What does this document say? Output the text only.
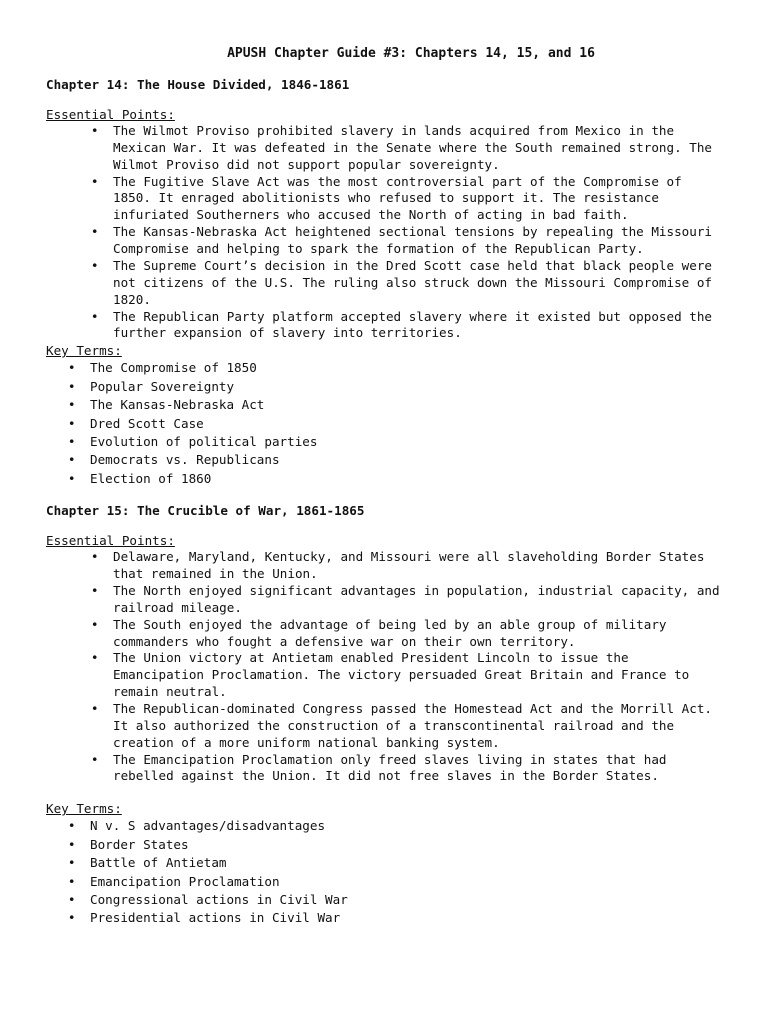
APUSH Chapter Guide #3: Chapters 14, 15, and 16
Chapter 14: The House Divided, 1846-1861
Essential Points:
• The Wilmot Proviso prohibited slavery in lands acquired from Mexico in the Mexican War. It was defeated in the Senate where the South remained strong. The Wilmot Proviso did not support popular sovereignty.
• The Fugitive Slave Act was the most controversial part of the Compromise of 1850. It enraged abolitionists who refused to support it. The resistance infuriated Southerners who accused the North of acting in bad faith.
• The Kansas-Nebraska Act heightened sectional tensions by repealing the Missouri Compromise and helping to spark the formation of the Republican Party.
• The Supreme Court’s decision in the Dred Scott case held that black people were not citizens of the U.S. The ruling also struck down the Missouri Compromise of 1820.
• The Republican Party platform accepted slavery where it existed but opposed the further expansion of slavery into territories.
Key Terms:
• The Compromise of 1850
• Popular Sovereignty
• The Kansas-Nebraska Act
• Dred Scott Case
• Evolution of political parties
• Democrats vs. Republicans
• Election of 1860
Chapter 15: The Crucible of War, 1861-1865
Essential Points:
• Delaware, Maryland, Kentucky, and Missouri were all slaveholding Border States that remained in the Union.
• The North enjoyed significant advantages in population, industrial capacity, and railroad mileage.
• The South enjoyed the advantage of being led by an able group of military commanders who fought a defensive war on their own territory.
• The Union victory at Antietam enabled President Lincoln to issue the Emancipation Proclamation. The victory persuaded Great Britain and France to remain neutral.
• The Republican-dominated Congress passed the Homestead Act and the Morrill Act. It also authorized the construction of a transcontinental railroad and the creation of a more uniform national banking system.
• The Emancipation Proclamation only freed slaves living in states that had rebelled against the Union. It did not free slaves in the Border States.
Key Terms:
• N v. S advantages/disadvantages
• Border States
• Battle of Antietam
• Emancipation Proclamation
• Congressional actions in Civil War
• Presidential actions in Civil War
